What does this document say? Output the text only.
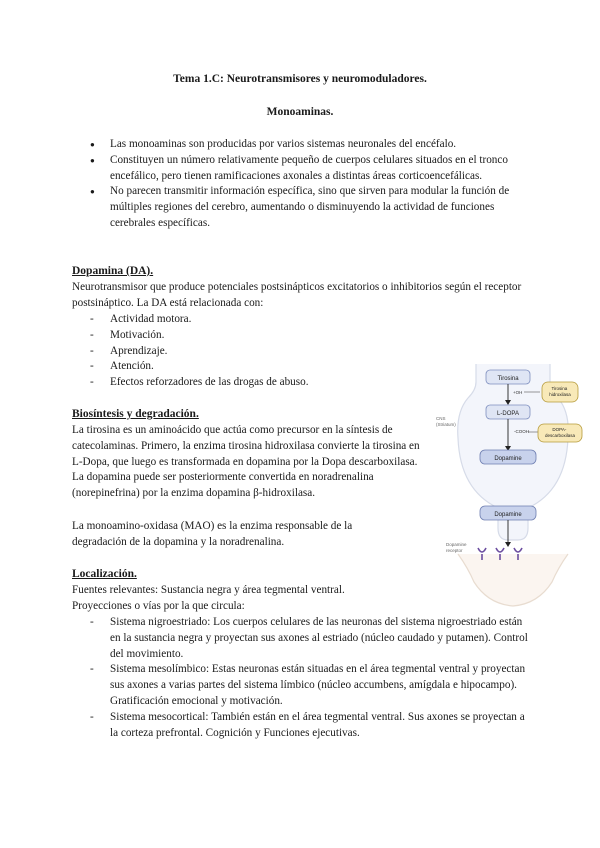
Tema 1.C: Neurotransmisores y neuromoduladores.
Monoaminas.
● Las monoaminas son producidas por varios sistemas neuronales del encéfalo.
● Constituyen un número relativamente pequeño de cuerpos celulares situados en el tronco encefálico, pero tienen ramificaciones axonales a distintas áreas corticoencefálicas.
● No parecen transmitir información específica, sino que sirven para modular la función de múltiples regiones del cerebro, aumentando o disminuyendo la actividad de funciones cerebrales específicas.
Dopamina (DA).
Neurotransmisor que produce potenciales postsinápticos excitatorios o inhibitorios según el receptor postsináptico. La DA está relacionada con:
- Actividad motora.
- Motivación.
- Aprendizaje.
- Atención.
- Efectos reforzadores de las drogas de abuso.
Biosíntesis y degradación.
La tirosina es un aminoácido que actúa como precursor en la síntesis de catecolaminas. Primero, la enzima tirosina hidroxilasa convierte la tirosina en L-Dopa, que luego es transformada en dopamina por la Dopa descarboxilasa. La dopamina puede ser posteriormente convertida en noradrenalina (norepinefrina) por la enzima dopamina β-hidroxilasa.
La monoamino-oxidasa (MAO) es la enzima responsable de la degradación de la dopamina y la noradrenalina.
Localización.
Fuentes relevantes: Sustancia negra y área tegmental ventral.
Proyecciones o vías por la que circula:
- Sistema nigroestriado: Los cuerpos celulares de las neuronas del sistema nigroestriado están en la sustancia negra y proyectan sus axones al estriado (núcleo caudado y putamen). Control del movimiento.
- Sistema mesolímbico: Estas neuronas están situadas en el área tegmental ventral y proyectan sus axones a varias partes del sistema límbico (núcleo accumbens, amígdala e hipocampo). Gratificación emocional y motivación.
- Sistema mesocortical: También están en el área tegmental ventral. Sus axones se proyectan a la corteza prefrontal. Cognición y Funciones ejecutivas.
Tirosina
+OH
Tirosina hidroxilasa
L-DOPA
-COOH	DOPA- descarboxilasa
CNS (Striatum)
Dopamine
Dopamine
Dopamine receptor
